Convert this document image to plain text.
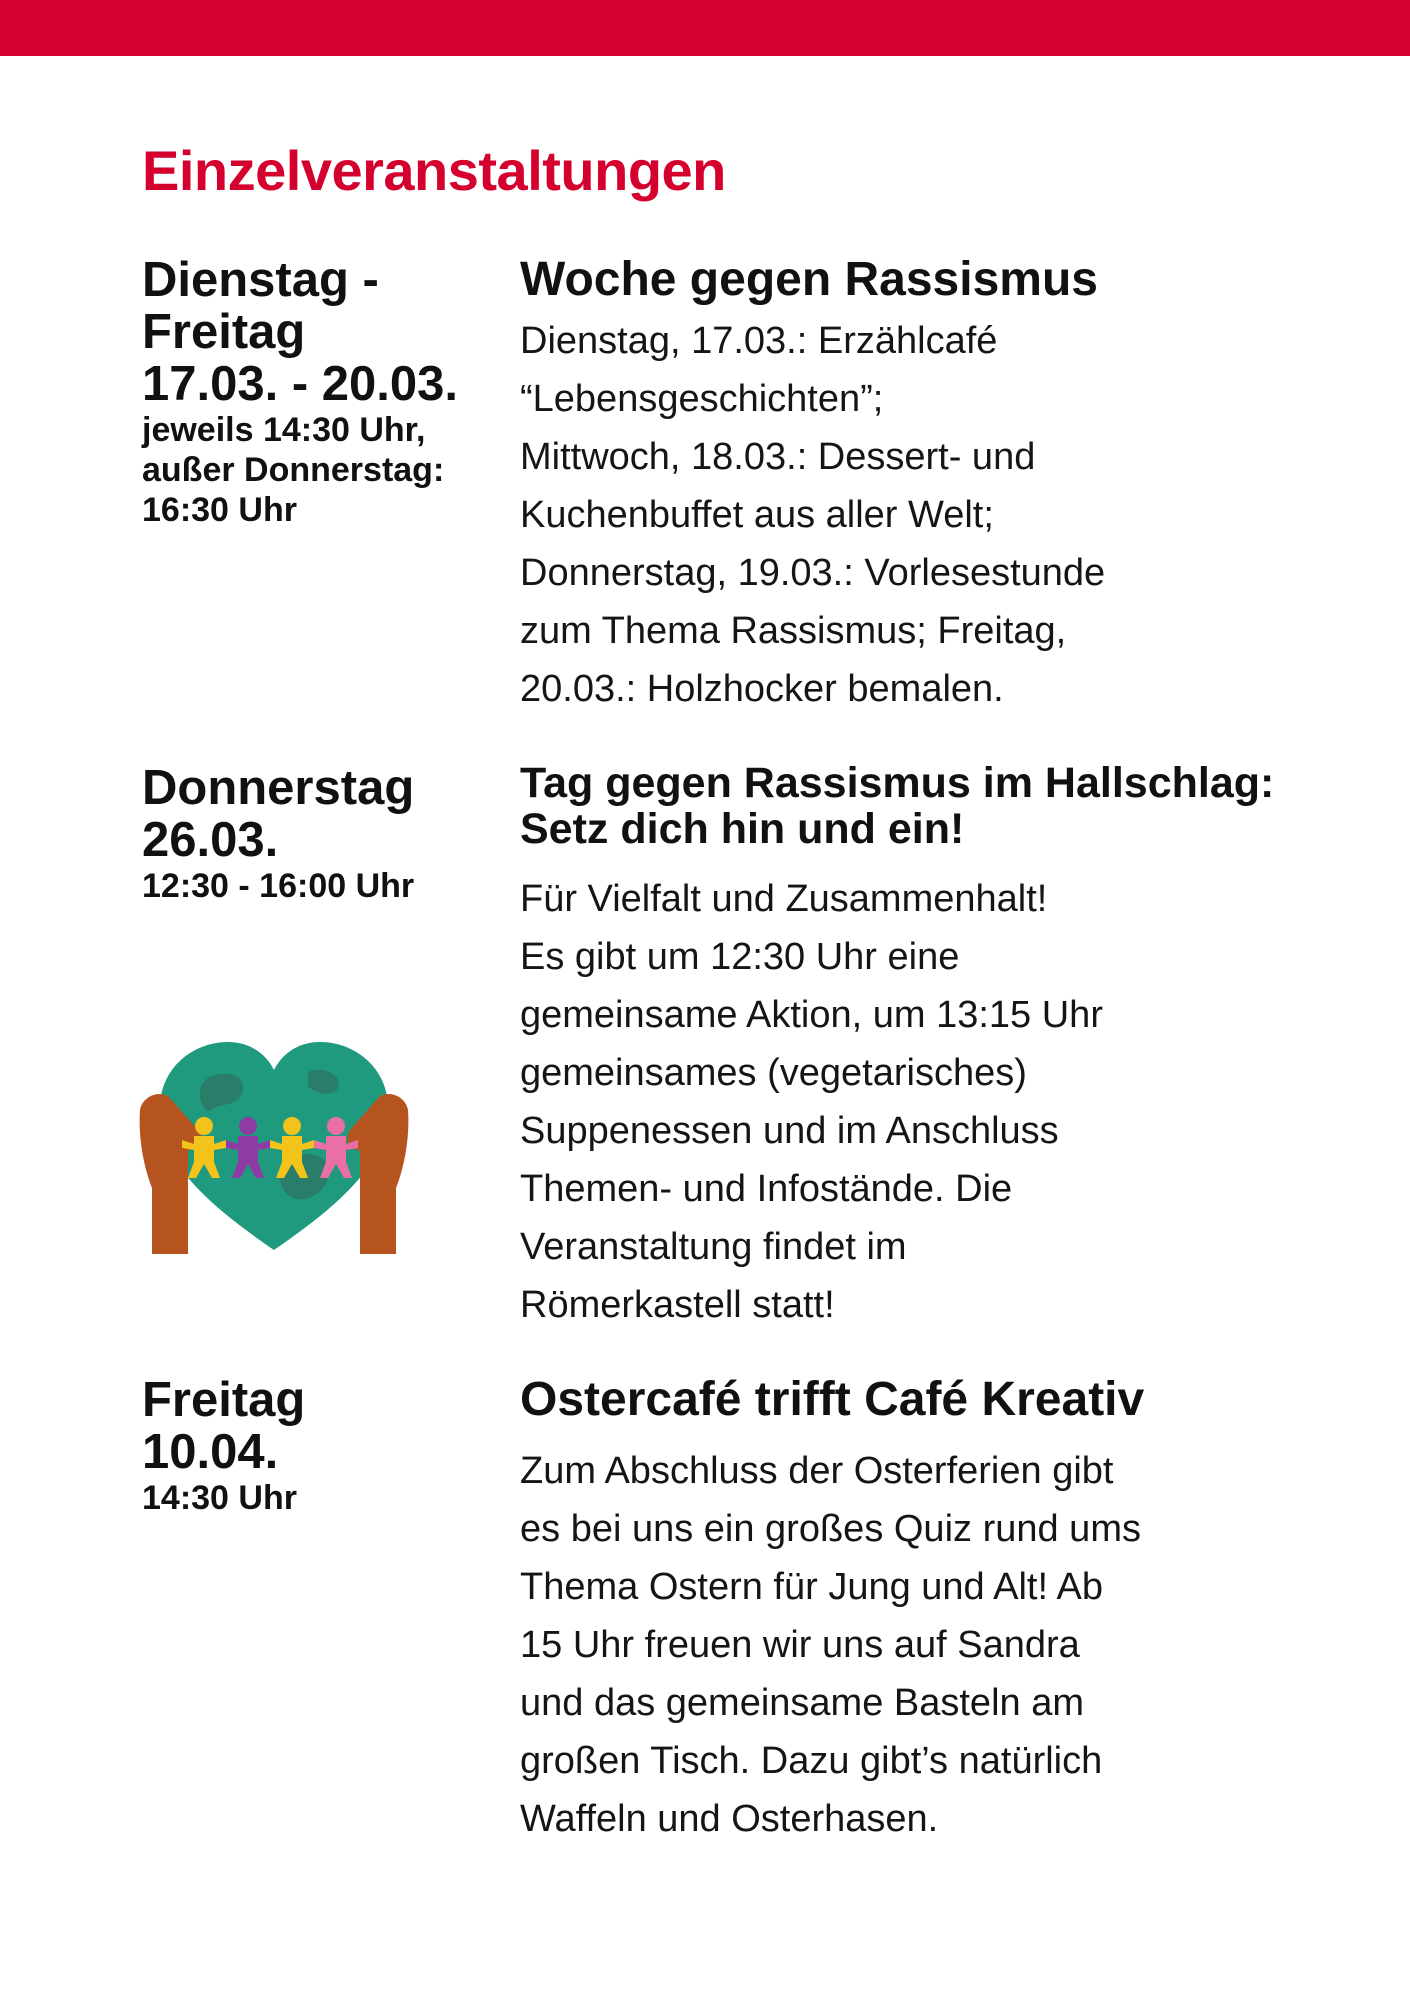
Einzelveranstaltungen
Dienstag - Freitag
17.03. - 20.03.
jeweils 14:30 Uhr, außer Donnerstag: 16:30 Uhr
Woche gegen Rassismus

Dienstag, 17.03.: Erzählcafé

“Lebensgeschichten”;

Mittwoch, 18.03.: Dessert- und

Kuchenbuffet aus aller Welt;

Donnerstag, 19.03.: Vorlesestunde

zum Thema Rassismus; Freitag,

20.03.: Holzhocker bemalen.

Donnerstag
26.03.
12:30 - 16:00 Uhr
Tag gegen Rassismus im Hallschlag:
Setz dich hin und ein!

Für Vielfalt und Zusammenhalt!

Es gibt um 12:30 Uhr eine

gemeinsame Aktion, um 13:15 Uhr

gemeinsames (vegetarisches)

Suppenessen und im Anschluss

Themen- und Infostände. Die

Veranstaltung findet im

Römerkastell statt!

Freitag
10.04.
14:30 Uhr
Ostercafé trifft Café Kreativ

Zum Abschluss der Osterferien gibt

es bei uns ein großes Quiz rund ums

Thema Ostern für Jung und Alt! Ab

15 Uhr freuen wir uns auf Sandra

und das gemeinsame Basteln am

großen Tisch. Dazu gibt’s natürlich

Waffeln und Osterhasen.
